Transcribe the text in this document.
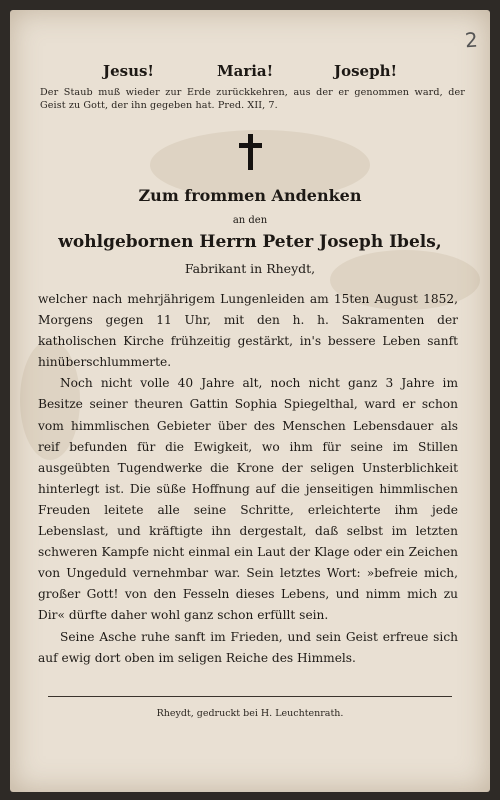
2
Jesus!	Maria!	Joseph!
Der Staub muß wieder zur Erde zurückkehren, aus der er genommen ward, der Geist zu Gott, der ihn gegeben hat. Pred. XII, 7.
Zum frommen Andenken
an den
wohlgebornen Herrn Peter Joseph Ibels,
Fabrikant in Rheydt,

welcher nach mehrjährigem Lungenleiden am 15ten August 1852, Morgens gegen 11 Uhr, mit den h. h. Sakramenten der katholischen Kirche frühzeitig gestärkt, in's bessere Leben sanft hinüberschlummerte.

Noch nicht volle 40 Jahre alt, noch nicht ganz 3 Jahre im Besitze seiner theuren Gattin Sophia Spiegelthal, ward er schon vom himmlischen Gebieter über des Menschen Lebensdauer als reif befunden für die Ewigkeit, wo ihm für seine im Stillen ausgeübten Tugendwerke die Krone der seligen Unsterblichkeit hinterlegt ist. Die süße Hoffnung auf die jenseitigen himmlischen Freuden leitete alle seine Schritte, erleichterte ihm jede Lebenslast, und kräftigte ihn dergestalt, daß selbst im letzten schweren Kampfe nicht einmal ein Laut der Klage oder ein Zeichen von Ungeduld vernehmbar war. Sein letztes Wort: »befreie mich, großer Gott! von den Fesseln dieses Lebens, und nimm mich zu Dir« dürfte daher wohl ganz schon erfüllt sein.

Seine Asche ruhe sanft im Frieden, und sein Geist erfreue sich auf ewig dort oben im seligen Reiche des Himmels.

Rheydt, gedruckt bei H. Leuchtenrath.
